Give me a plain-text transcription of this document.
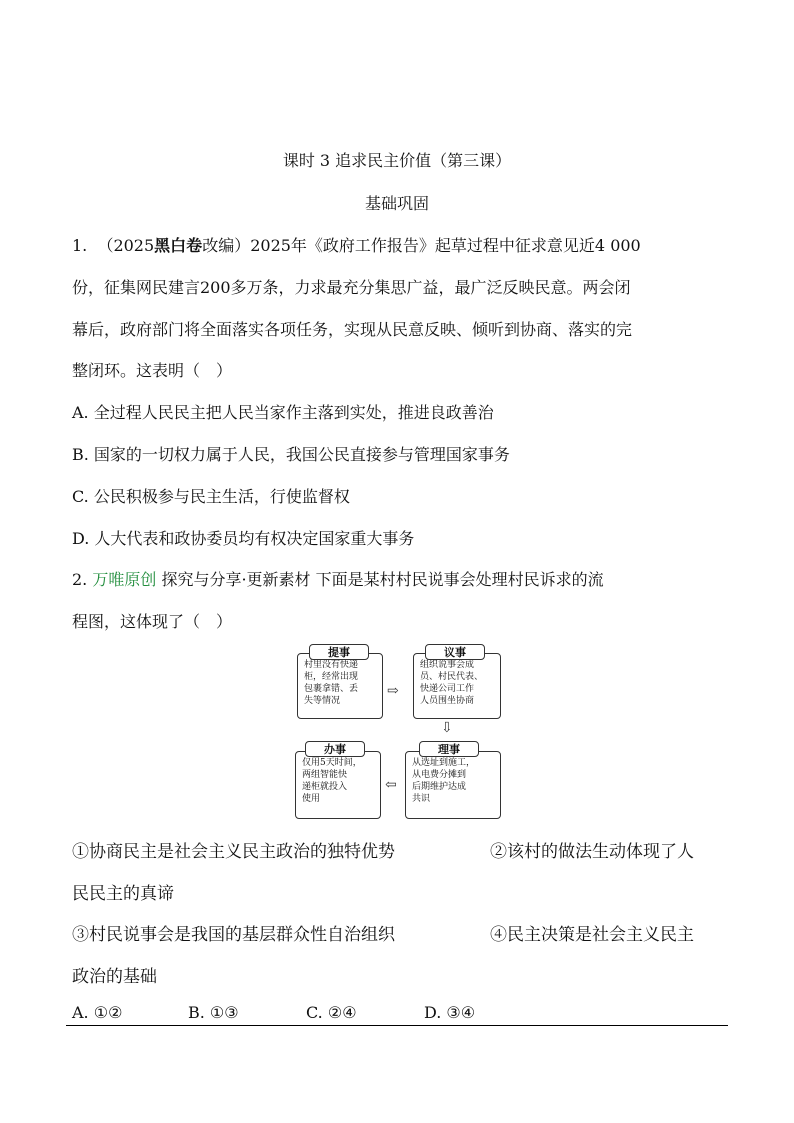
课时 3 追求民主价值（第三课）
基础巩固
1. （2025黑白卷改编）2025年《政府工作报告》起草过程中征求意见近4 000
份，征集网民建言200多万条，力求最充分集思广益，最广泛反映民意。两会闭
幕后，政府部门将全面落实各项任务，实现从民意反映、倾听到协商、落实的完
整闭环。这表明（　）
A. 全过程人民民主把人民当家作主落到实处，推进良政善治
B. 国家的一切权力属于人民，我国公民直接参与管理国家事务
C. 公民积极参与民主生活，行使监督权
D. 人大代表和政协委员均有权决定国家重大事务
2. 万唯原创 探究与分享·更新素材 下面是某村村民说事会处理村民诉求的流
程图，这体现了（　）
村里没有快递
柜，经常出现
包裹拿错、丢
失等情况
提事
⇨
组织说事会成
员、村民代表、
快递公司工作
人员围坐协商
议事
⇩
从选址到施工，
从电费分摊到
后期维护达成
共识
理事
⇦
仅用5天时间，
两组智能快
递柜就投入
使用
办事
①协商民主是社会主义民主政治的独特优势	②该村的做法生动体现了人
民民主的真谛
③村民说事会是我国的基层群众性自治组织	④民主决策是社会主义民主
政治的基础
A. ①②	B. ①③	C. ②④	D. ③④
